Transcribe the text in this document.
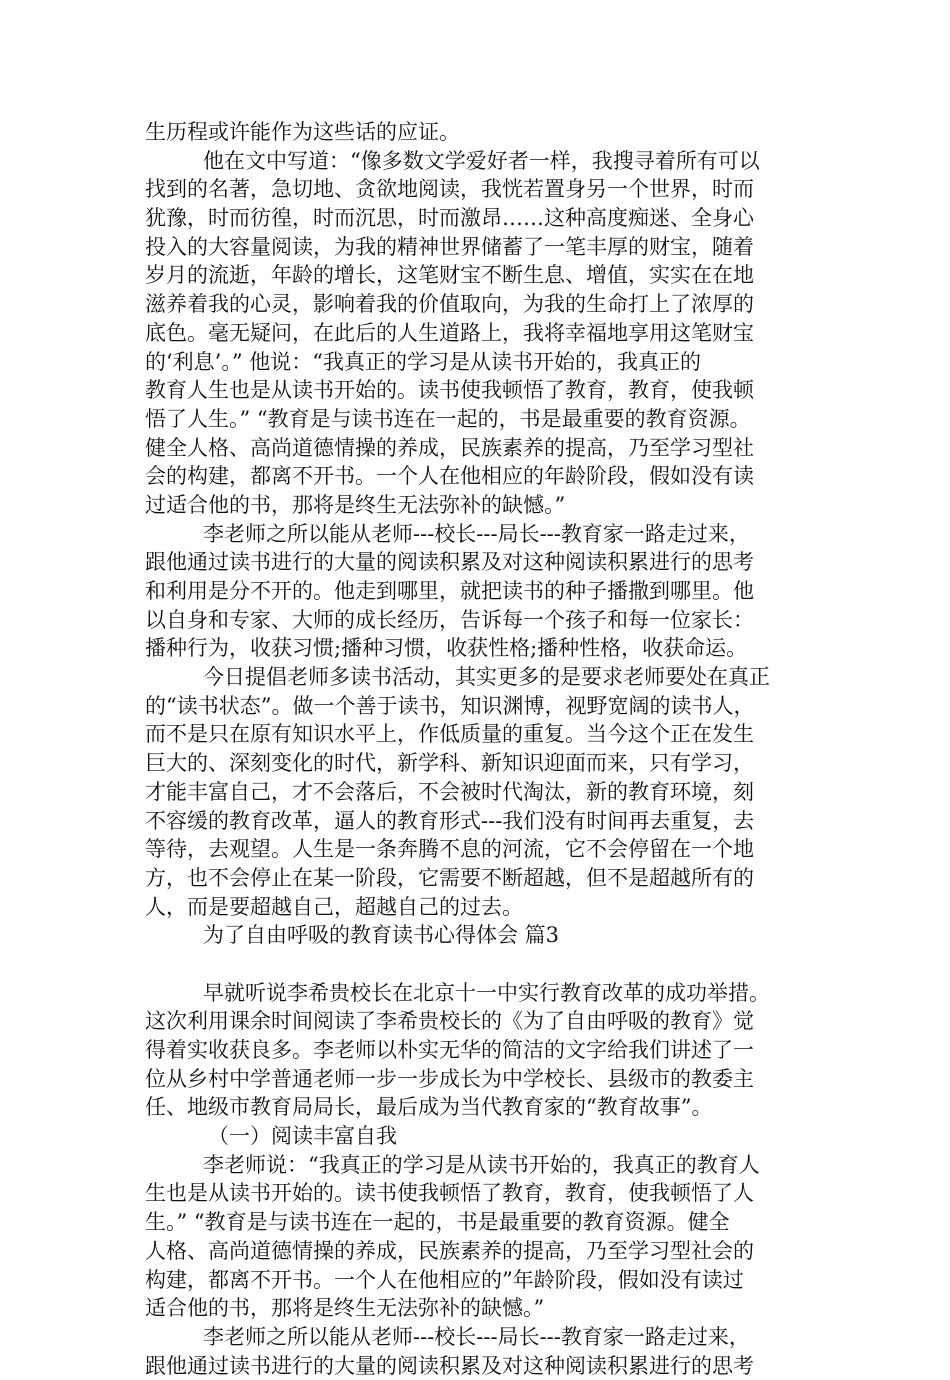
生历程或许能作为这些话的应证。
他在文中写道：“像多数文学爱好者一样，我搜寻着所有可以
找到的名著，急切地、贪欲地阅读，我恍若置身另一个世界，时而
犹豫，时而彷徨，时而沉思，时而激昂……这种高度痴迷、全身心
投入的大容量阅读，为我的精神世界储蓄了一笔丰厚的财宝，随着
岁月的流逝，年龄的增长，这笔财宝不断生息、增值，实实在在地
滋养着我的心灵，影响着我的价值取向，为我的生命打上了浓厚的
底色。毫无疑问，在此后的人生道路上，我将幸福地享用这笔财宝
的‘利息’。” 他说：“我真正的学习是从读书开始的，我真正的
教育人生也是从读书开始的。读书使我顿悟了教育，教育，使我顿
悟了人生。” “教育是与读书连在一起的，书是最重要的教育资源。
健全人格、高尚道德情操的养成，民族素养的提高，乃至学习型社
会的构建，都离不开书。一个人在他相应的年龄阶段，假如没有读
过适合他的书，那将是终生无法弥补的缺憾。”
李老师之所以能从老师---校长---局长---教育家一路走过来，
跟他通过读书进行的大量的阅读积累及对这种阅读积累进行的思考
和利用是分不开的。他走到哪里，就把读书的种子播撒到哪里。他
以自身和专家、大师的成长经历，告诉每一个孩子和每一位家长：
播种行为，收获习惯;播种习惯，收获性格;播种性格，收获命运。
今日提倡老师多读书活动，其实更多的是要求老师要处在真正
的“读书状态”。做一个善于读书，知识渊博，视野宽阔的读书人，
而不是只在原有知识水平上，作低质量的重复。当今这个正在发生
巨大的、深刻变化的时代，新学科、新知识迎面而来，只有学习，
才能丰富自己，才不会落后，不会被时代淘汰，新的教育环境，刻
不容缓的教育改革，逼人的教育形式---我们没有时间再去重复，去
等待，去观望。人生是一条奔腾不息的河流，它不会停留在一个地
方，也不会停止在某一阶段，它需要不断超越，但不是超越所有的
人，而是要超越自己，超越自己的过去。
为了自由呼吸的教育读书心得体会 篇3
早就听说李希贵校长在北京十一中实行教育改革的成功举措。
这次利用课余时间阅读了李希贵校长的《为了自由呼吸的教育》觉
得着实收获良多。李老师以朴实无华的简洁的文字给我们讲述了一
位从乡村中学普通老师一步一步成长为中学校长、县级市的教委主
任、地级市教育局局长，最后成为当代教育家的“教育故事”。
（一）阅读丰富自我
李老师说：“我真正的学习是从读书开始的，我真正的教育人
生也是从读书开始的。读书使我顿悟了教育，教育，使我顿悟了人
生。” “教育是与读书连在一起的，书是最重要的教育资源。健全
人格、高尚道德情操的养成，民族素养的提高，乃至学习型社会的
构建，都离不开书。一个人在他相应的”年龄阶段，假如没有读过
适合他的书，那将是终生无法弥补的缺憾。”
李老师之所以能从老师---校长---局长---教育家一路走过来，
跟他通过读书进行的大量的阅读积累及对这种阅读积累进行的思考
